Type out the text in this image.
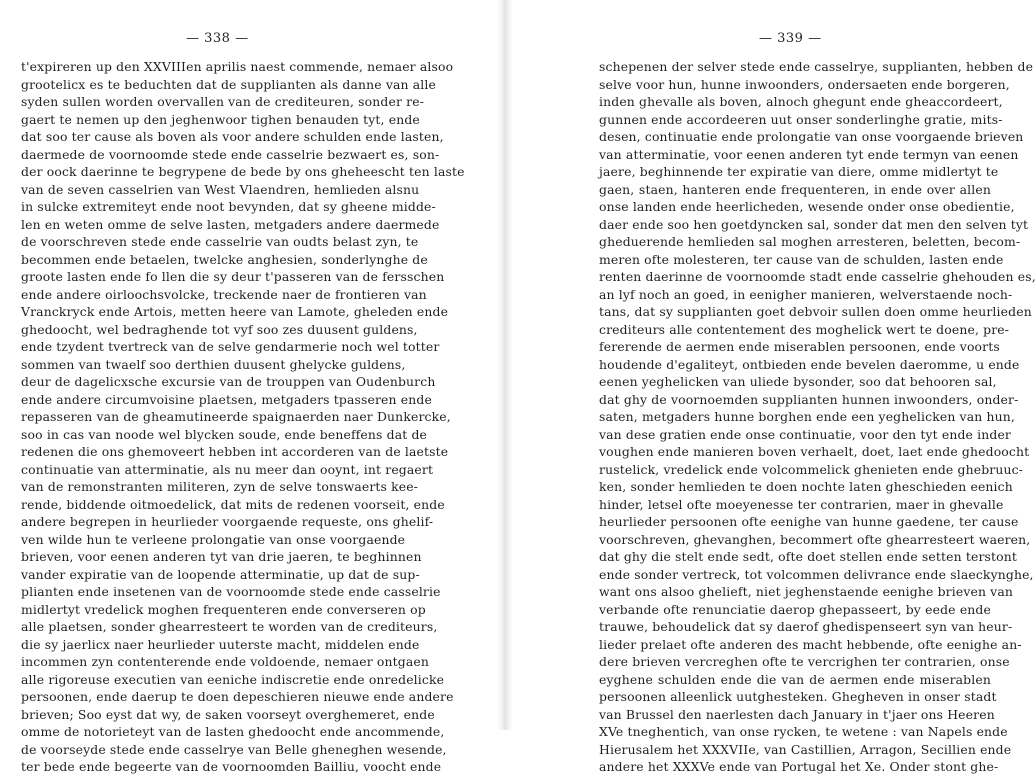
— 338 —
t'expireren up den XXVIIIen aprilis naest commende, nemaer alsoo
grootelicx es te beduchten dat de supplianten als danne van alle
syden sullen worden overvallen van de crediteuren, sonder re-
gaert te nemen up den jeghenwoor tighen benauden tyt, ende
dat soo ter cause als boven als voor andere schulden ende lasten,
daermede de voornoomde stede ende casselrie bezwaert es, son-
der oock daerinne te begrypene de bede by ons gheheescht ten laste
van de seven casselrien van West Vlaendren, hemlieden alsnu
in sulcke extremiteyt ende noot bevynden, dat sy gheene midde-
len en weten omme de selve lasten, metgaders andere daermede
de voorschreven stede ende casselrie van oudts belast zyn, te
becommen ende betaelen, twelcke anghesien, sonderlynghe de
groote lasten ende fo llen die sy deur t'passeren van de fersschen
ende andere oirloochsvolcke, treckende naer de frontieren van
Vranckryck ende Artois, metten heere van Lamote, gheleden ende
ghedoocht, wel bedraghende tot vyf soo zes duusent guldens,
ende tzydent tvertreck van de selve gendarmerie noch wel totter
sommen van twaelf soo derthien duusent ghelycke guldens,
deur de dagelicxsche excursie van de trouppen van Oudenburch
ende andere circumvoisine plaetsen, metgaders tpasseren ende
repasseren van de gheamutineerde spaignaerden naer Dunkercke,
soo in cas van noode wel blycken soude, ende beneffens dat de
redenen die ons ghemoveert hebben int accorderen van de laetste
continuatie van atterminatie, als nu meer dan ooynt, int regaert
van de remonstranten militeren, zyn de selve tonswaerts kee-
rende, biddende oitmoedelick, dat mits de redenen voorseit, ende
andere begrepen in heurlieder voorgaende requeste, ons ghelif-
ven wilde hun te verleene prolongatie van onse voorgaende
brieven, voor eenen anderen tyt van drie jaeren, te beghinnen
vander expiratie van de loopende atterminatie, up dat de sup-
plianten ende insetenen van de voornoomde stede ende casselrie
midlertyt vredelick moghen frequenteren ende converseren op
alle plaetsen, sonder ghearresteert te worden van de crediteurs,
die sy jaerlicx naer heurlieder uuterste macht, middelen ende
incommen zyn contenterende ende voldoende, nemaer ontgaen
alle rigoreuse executien van eeniche indiscretie ende onredelicke
persoonen, ende daerup te doen depeschieren nieuwe ende andere
brieven; Soo eyst dat wy, de saken voorseyt overghemeret, ende
omme de notorieteyt van de lasten ghedoocht ende ancommende,
de voorseyde stede ende casselrye van Belle gheneghen wesende,
ter bede ende begeerte van de voornoomden Bailliu, voocht ende
— 339 —
schepenen der selver stede ende casselrye, supplianten, hebben de
selve voor hun, hunne inwoonders, ondersaeten ende borgeren,
inden ghevalle als boven, alnoch ghegunt ende gheaccordeert,
gunnen ende accordeeren uut onser sonderlinghe gratie, mits-
desen, continuatie ende prolongatie van onse voorgaende brieven
van atterminatie, voor eenen anderen tyt ende termyn van eenen
jaere, beghinnende ter expiratie van diere, omme midlertyt te
gaen, staen, hanteren ende frequenteren, in ende over allen
onse landen ende heerlicheden, wesende onder onse obedientie,
daer ende soo hen goetdyncken sal, sonder dat men den selven tyt
gheduerende hemlieden sal moghen arresteren, beletten, becom-
meren ofte molesteren, ter cause van de schulden, lasten ende
renten daerinne de voornoomde stadt ende casselrie ghehouden es,
an lyf noch an goed, in eenigher manieren, welverstaende noch-
tans, dat sy supplianten goet debvoir sullen doen omme heurlieden
crediteurs alle contentement des moghelick wert te doene, pre-
fererende de aermen ende miserablen persoonen, ende voorts
houdende d'egaliteyt, ontbieden ende bevelen daeromme, u ende
eenen yeghelicken van uliede bysonder, soo dat behooren sal,
dat ghy de voornoemden supplianten hunnen inwoonders, onder-
saten, metgaders hunne borghen ende een yeghelicken van hun,
van dese gratien ende onse continuatie, voor den tyt ende inder
voughen ende manieren boven verhaelt, doet, laet ende ghedoocht
rustelick, vredelick ende volcommelick ghenieten ende ghebruuc-
ken, sonder hemlieden te doen nochte laten gheschieden eenich
hinder, letsel ofte moeyenesse ter contrarien, maer in ghevalle
heurlieder persoonen ofte eenighe van hunne gaedene, ter cause
voorschreven, ghevanghen, becommert ofte ghearresteert waeren,
dat ghy die stelt ende sedt, ofte doet stellen ende setten terstont
ende sonder vertreck, tot volcommen delivrance ende slaeckynghe,
want ons alsoo ghelieft, niet jeghenstaende eenighe brieven van
verbande ofte renunciatie daerop ghepasseert, by eede ende
trauwe, behoudelick dat sy daerof ghedispenseert syn van heur-
lieder prelaet ofte anderen des macht hebbende, ofte eenighe an-
dere brieven vercreghen ofte te vercrighen ter contrarien, onse
eyghene schulden ende die van de aermen ende miserablen
persoonen alleenlick uutghesteken. Ghegheven in onser stadt
van Brussel den naerlesten dach January in t'jaer ons Heeren
XVe tneghentich, van onse rycken, te wetene : van Napels ende
Hierusalem het XXXVIIe, van Castillien, Arragon, Secillien ende
andere het XXXVe ende van Portugal het Xe. Onder stont ghe-
